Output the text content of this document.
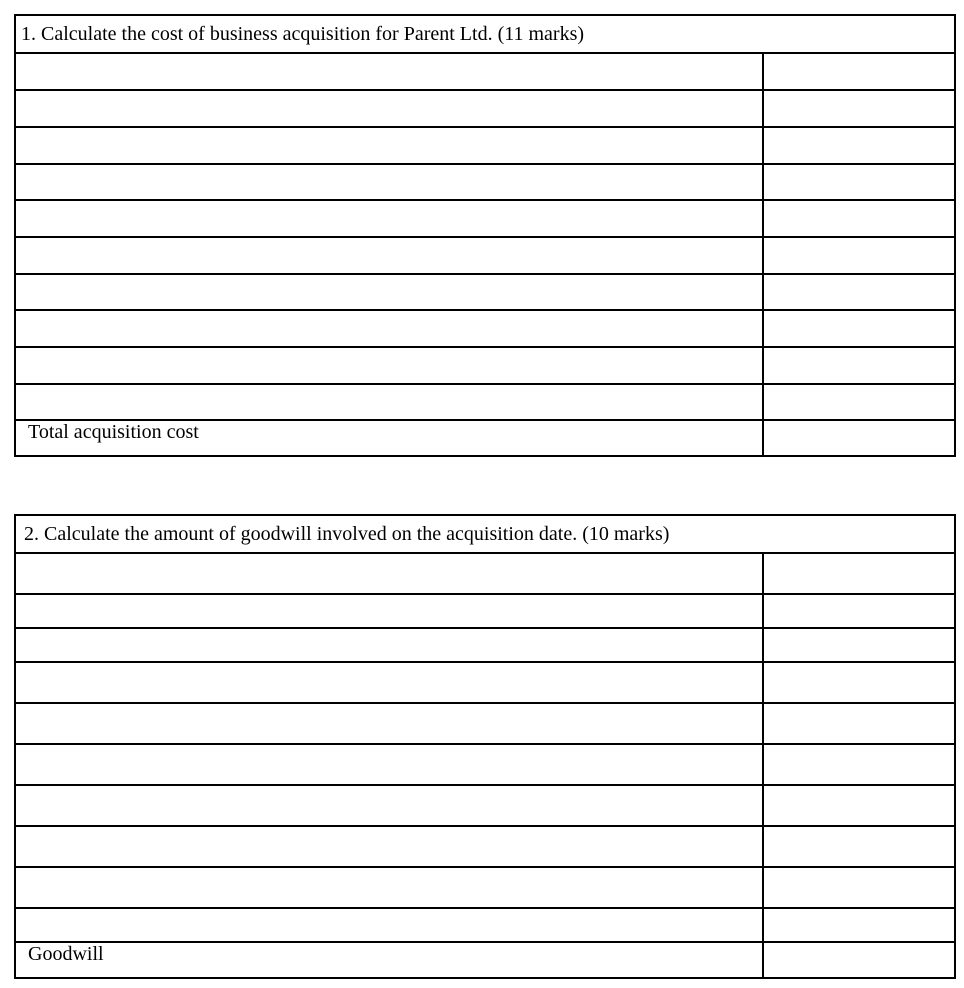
1. Calculate the cost of business acquisition for Parent Ltd. (11 marks)	

Total acquisition cost	
2. Calculate the amount of goodwill involved on the acquisition date. (10 marks)	

Goodwill	
